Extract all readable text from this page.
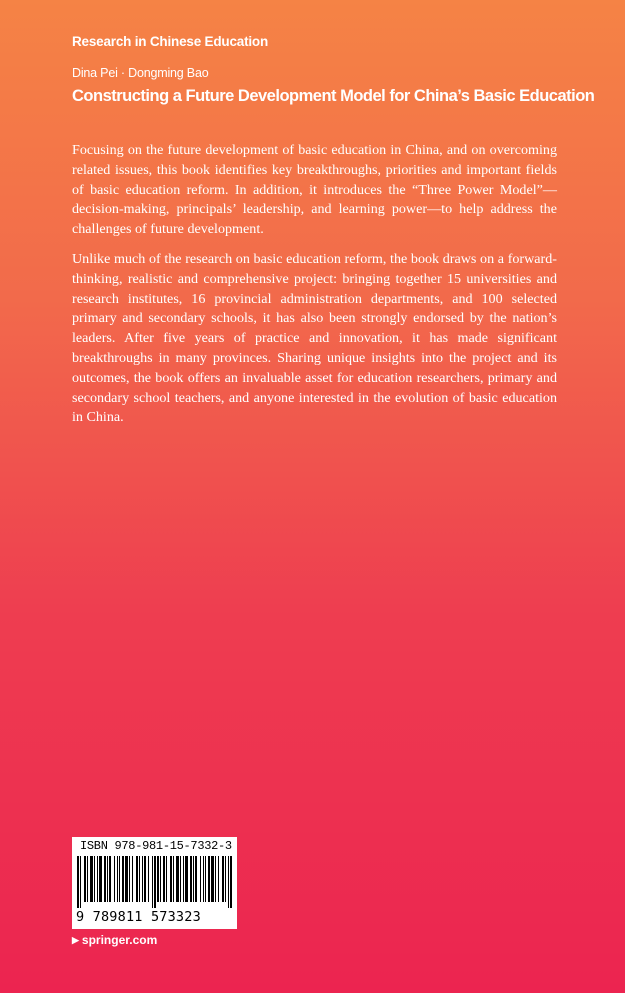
Research in Chinese Education
Dina Pei · Dongming Bao
Constructing a Future Development Model for China’s Basic Education

Focusing on the future development of basic education in China, and on overcoming related issues, this book identifies key breakthroughs, priorities and important fields of basic education reform. In addition, it introduces the “Three Power Model”—decision-making, principals’ leadership, and learning power—to help address the challenges of future development.

Unlike much of the research on basic education reform, the book draws on a forward-thinking, realistic and comprehensive project: bringing together 15 universities and research institutes, 16 provincial administration departments, and 100 selected primary and secondary schools, it has also been strongly endorsed by the nation’s leaders. After five years of practice and innovation, it has made significant breakthroughs in many provinces. Sharing unique insights into the project and its outcomes, the book offers an invaluable asset for education researchers, primary and secondary school teachers, and anyone interested in the evolution of basic education in China.

ISBN 978-981-15-7332-3
9 789811 573323
▶ springer.com
